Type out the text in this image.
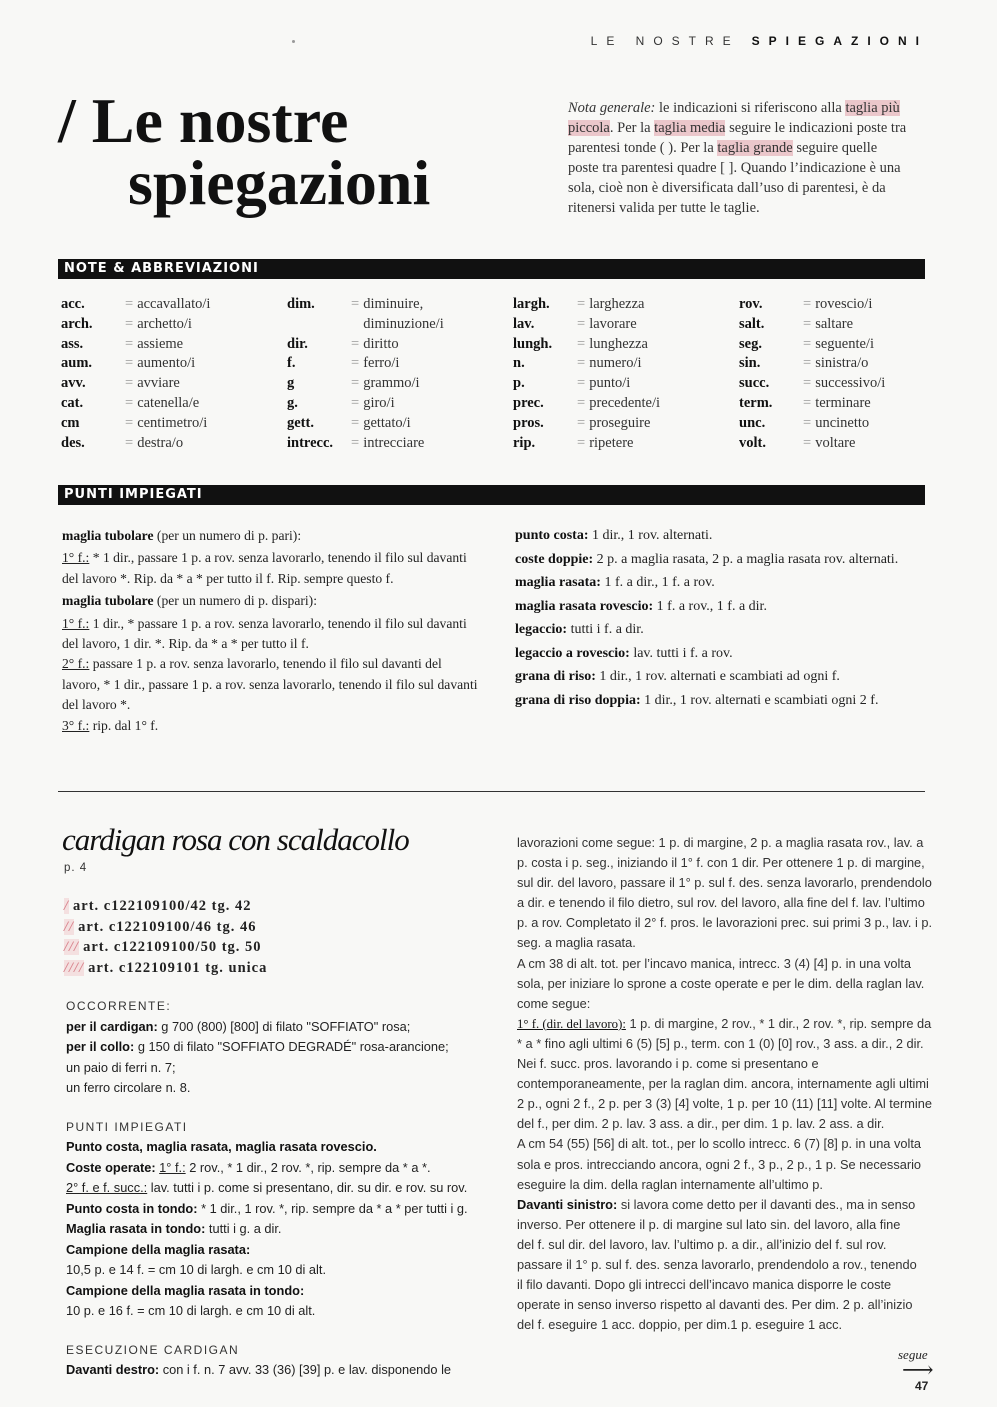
LE NOSTRE SPIEGAZIONI
/ Le nostre
spiegazioni
Nota generale: le indicazioni si riferiscono alla taglia più piccola. Per la taglia media seguire le indicazioni poste tra parentesi tonde ( ). Per la taglia grande seguire quelle poste tra parentesi quadre [ ]. Quando l’indicazione è una sola, cioè non è diversificata dall’uso di parentesi, è da ritenersi valida per tutte le taglie.
NOTE & ABBREVIAZIONI
acc.	= accavallato/i
arch.	= archetto/i
ass.	= assieme
aum.	= aumento/i
avv.	= avviare
cat.	= catenella/e
cm	= centimetro/i
des.	= destra/o
dim.	= diminuire,
diminuzione/i
dir.	= diritto
f.	= ferro/i
g	= grammo/i
g.	= giro/i
gett.	= gettato/i
intrecc.	= intrecciare
largh.	= larghezza
lav.	= lavorare
lungh.	= lunghezza
n.	= numero/i
p.	= punto/i
prec.	= precedente/i
pros.	= proseguire
rip.	= ripetere
rov.	= rovescio/i
salt.	= saltare
seg.	= seguente/i
sin.	= sinistra/o
succ.	= successivo/i
term.	= terminare
unc.	= uncinetto
volt.	= voltare
PUNTI IMPIEGATI

maglia tubolare (per un numero di p. pari):

1° f.: * 1 dir., passare 1 p. a rov. senza lavorarlo, tenendo il filo sul davanti del lavoro *. Rip. da * a * per tutto il f. Rip. sempre questo f.

maglia tubolare (per un numero di p. dispari):

1° f.: 1 dir., * passare 1 p. a rov. senza lavorarlo, tenendo il filo sul davanti del lavoro, 1 dir. *. Rip. da * a * per tutto il f.

2° f.: passare 1 p. a rov. senza lavorarlo, tenendo il filo sul davanti del lavoro, * 1 dir., passare 1 p. a rov. senza lavorarlo, tenendo il filo sul davanti del lavoro *.

3° f.: rip. dal 1° f.

punto costa: 1 dir., 1 rov. alternati.

coste doppie: 2 p. a maglia rasata, 2 p. a maglia rasata rov. alternati.

maglia rasata: 1 f. a dir., 1 f. a rov.

maglia rasata rovescio: 1 f. a rov., 1 f. a dir.

legaccio: tutti i f. a dir.

legaccio a rovescio: lav. tutti i f. a rov.

grana di riso: 1 dir., 1 rov. alternati e scambiati ad ogni f.

grana di riso doppia: 1 dir., 1 rov. alternati e scambiati ogni 2 f.

cardigan rosa con scaldacollo
p. 4
/ art. c122109100/42 tg. 42
// art. c122109100/46 tg. 46
/// art. c122109100/50 tg. 50
//// art. c122109101 tg. unica
OCCORRENTE:
per il cardigan: g 700 (800) [800] di filato "SOFFIATO" rosa;
per il collo: g 150 di filato "SOFFIATO DEGRADÉ" rosa-arancione;
un paio di ferri n. 7;
un ferro circolare n. 8.
PUNTI IMPIEGATI
Punto costa, maglia rasata, maglia rasata rovescio.
Coste operate: 1° f.: 2 rov., * 1 dir., 2 rov. *, rip. sempre da * a *.
2° f. e f. succ.: lav. tutti i p. come si presentano, dir. su dir. e rov. su rov.
Punto costa in tondo: * 1 dir., 1 rov. *, rip. sempre da * a * per tutti i g.
Maglia rasata in tondo: tutti i g. a dir.
Campione della maglia rasata:
10,5 p. e 14 f. = cm 10 di largh. e cm 10 di alt.
Campione della maglia rasata in tondo:
10 p. e 16 f. = cm 10 di largh. e cm 10 di alt.
ESECUZIONE CARDIGAN
Davanti destro: con i f. n. 7 avv. 33 (36) [39] p. e lav. disponendo le
lavorazioni come segue: 1 p. di margine, 2 p. a maglia rasata rov., lav. a p. costa i p. seg., iniziando il 1° f. con 1 dir. Per ottenere 1 p. di margine, sul dir. del lavoro, passare il 1° p. sul f. des. senza lavorarlo, prendendolo a dir. e tenendo il filo dietro, sul rov. del lavoro, alla fine del f. lav. l’ultimo p. a rov. Completato il 2° f. pros. le lavorazioni prec. sui primi 3 p., lav. i p. seg. a maglia rasata.
A cm 38 di alt. tot. per l’incavo manica, intrecc. 3 (4) [4] p. in una volta sola, per iniziare lo sprone a coste operate e per le dim. della raglan lav. come segue:
1° f. (dir. del lavoro): 1 p. di margine, 2 rov., * 1 dir., 2 rov. *, rip. sempre da * a * fino agli ultimi 6 (5) [5] p., term. con 1 (0) [0] rov., 3 ass. a dir., 2 dir.
Nei f. succ. pros. lavorando i p. come si presentano e contemporaneamente, per la raglan dim. ancora, internamente agli ultimi 2 p., ogni 2 f., 2 p. per 3 (3) [4] volte, 1 p. per 10 (11) [11] volte. Al termine del f., per dim. 2 p. lav. 3 ass. a dir., per dim. 1 p. lav. 2 ass. a dir.
A cm 54 (55) [56] di alt. tot., per lo scollo intrecc. 6 (7) [8] p. in una volta sola e pros. intrecciando ancora, ogni 2 f., 3 p., 2 p., 1 p. Se necessario eseguire la dim. della raglan internamente all’ultimo p.
Davanti sinistro: si lavora come detto per il davanti des., ma in senso inverso. Per ottenere il p. di margine sul lato sin. del lavoro, alla fine del f. sul dir. del lavoro, lav. l’ultimo p. a dir., all’inizio del f. sul rov. passare il 1° p. sul f. des. senza lavorarlo, prendendolo a rov., tenendo il filo davanti. Dopo gli intrecci dell’incavo manica disporre le coste operate in senso inverso rispetto al davanti des. Per dim. 2 p. all’inizio del f. eseguire 1 acc. doppio, per dim.1 p. eseguire 1 acc.
segue
⟶
47
